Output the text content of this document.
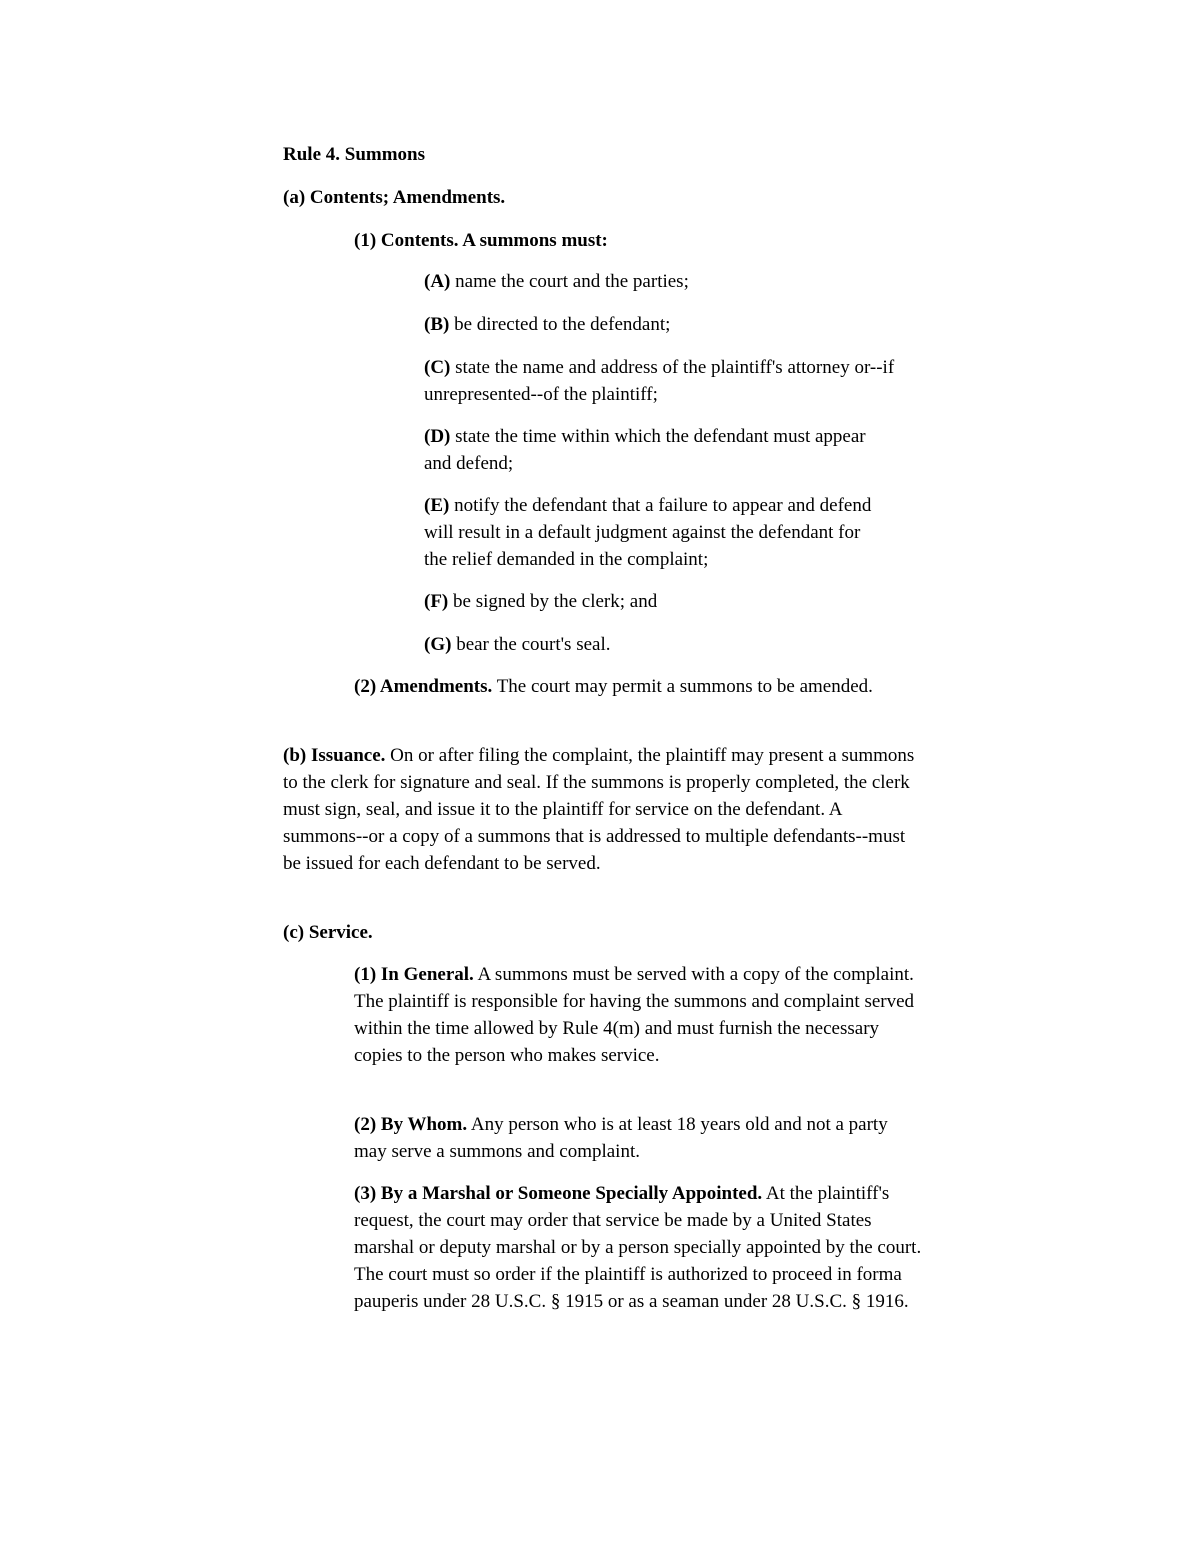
Rule 4. Summons

(a) Contents; Amendments.

(1) Contents. A summons must:

(A) name the court and the parties;

(B) be directed to the defendant;

(C) state the name and address of the plaintiff's attorney or--if unrepresented--of the plaintiff;

(D) state the time within which the defendant must appear and defend;

(E) notify the defendant that a failure to appear and defend will result in a default judgment against the defendant for the relief demanded in the complaint;

(F) be signed by the clerk; and

(G) bear the court's seal.

(2) Amendments. The court may permit a summons to be amended.

(b) Issuance. On or after filing the complaint, the plaintiff may present a summons to the clerk for signature and seal. If the summons is properly completed, the clerk must sign, seal, and issue it to the plaintiff for service on the defendant. A summons--or a copy of a summons that is addressed to multiple defendants--must be issued for each defendant to be served.

(c) Service.

(1) In General. A summons must be served with a copy of the complaint. The plaintiff is responsible for having the summons and complaint served within the time allowed by Rule 4(m) and must furnish the necessary copies to the person who makes service.

(2) By Whom. Any person who is at least 18 years old and not a party may serve a summons and complaint.

(3) By a Marshal or Someone Specially Appointed. At the plaintiff's request, the court may order that service be made by a United States marshal or deputy marshal or by a person specially appointed by the court. The court must so order if the plaintiff is authorized to proceed in forma pauperis under 28 U.S.C. § 1915 or as a seaman under 28 U.S.C. § 1916.
